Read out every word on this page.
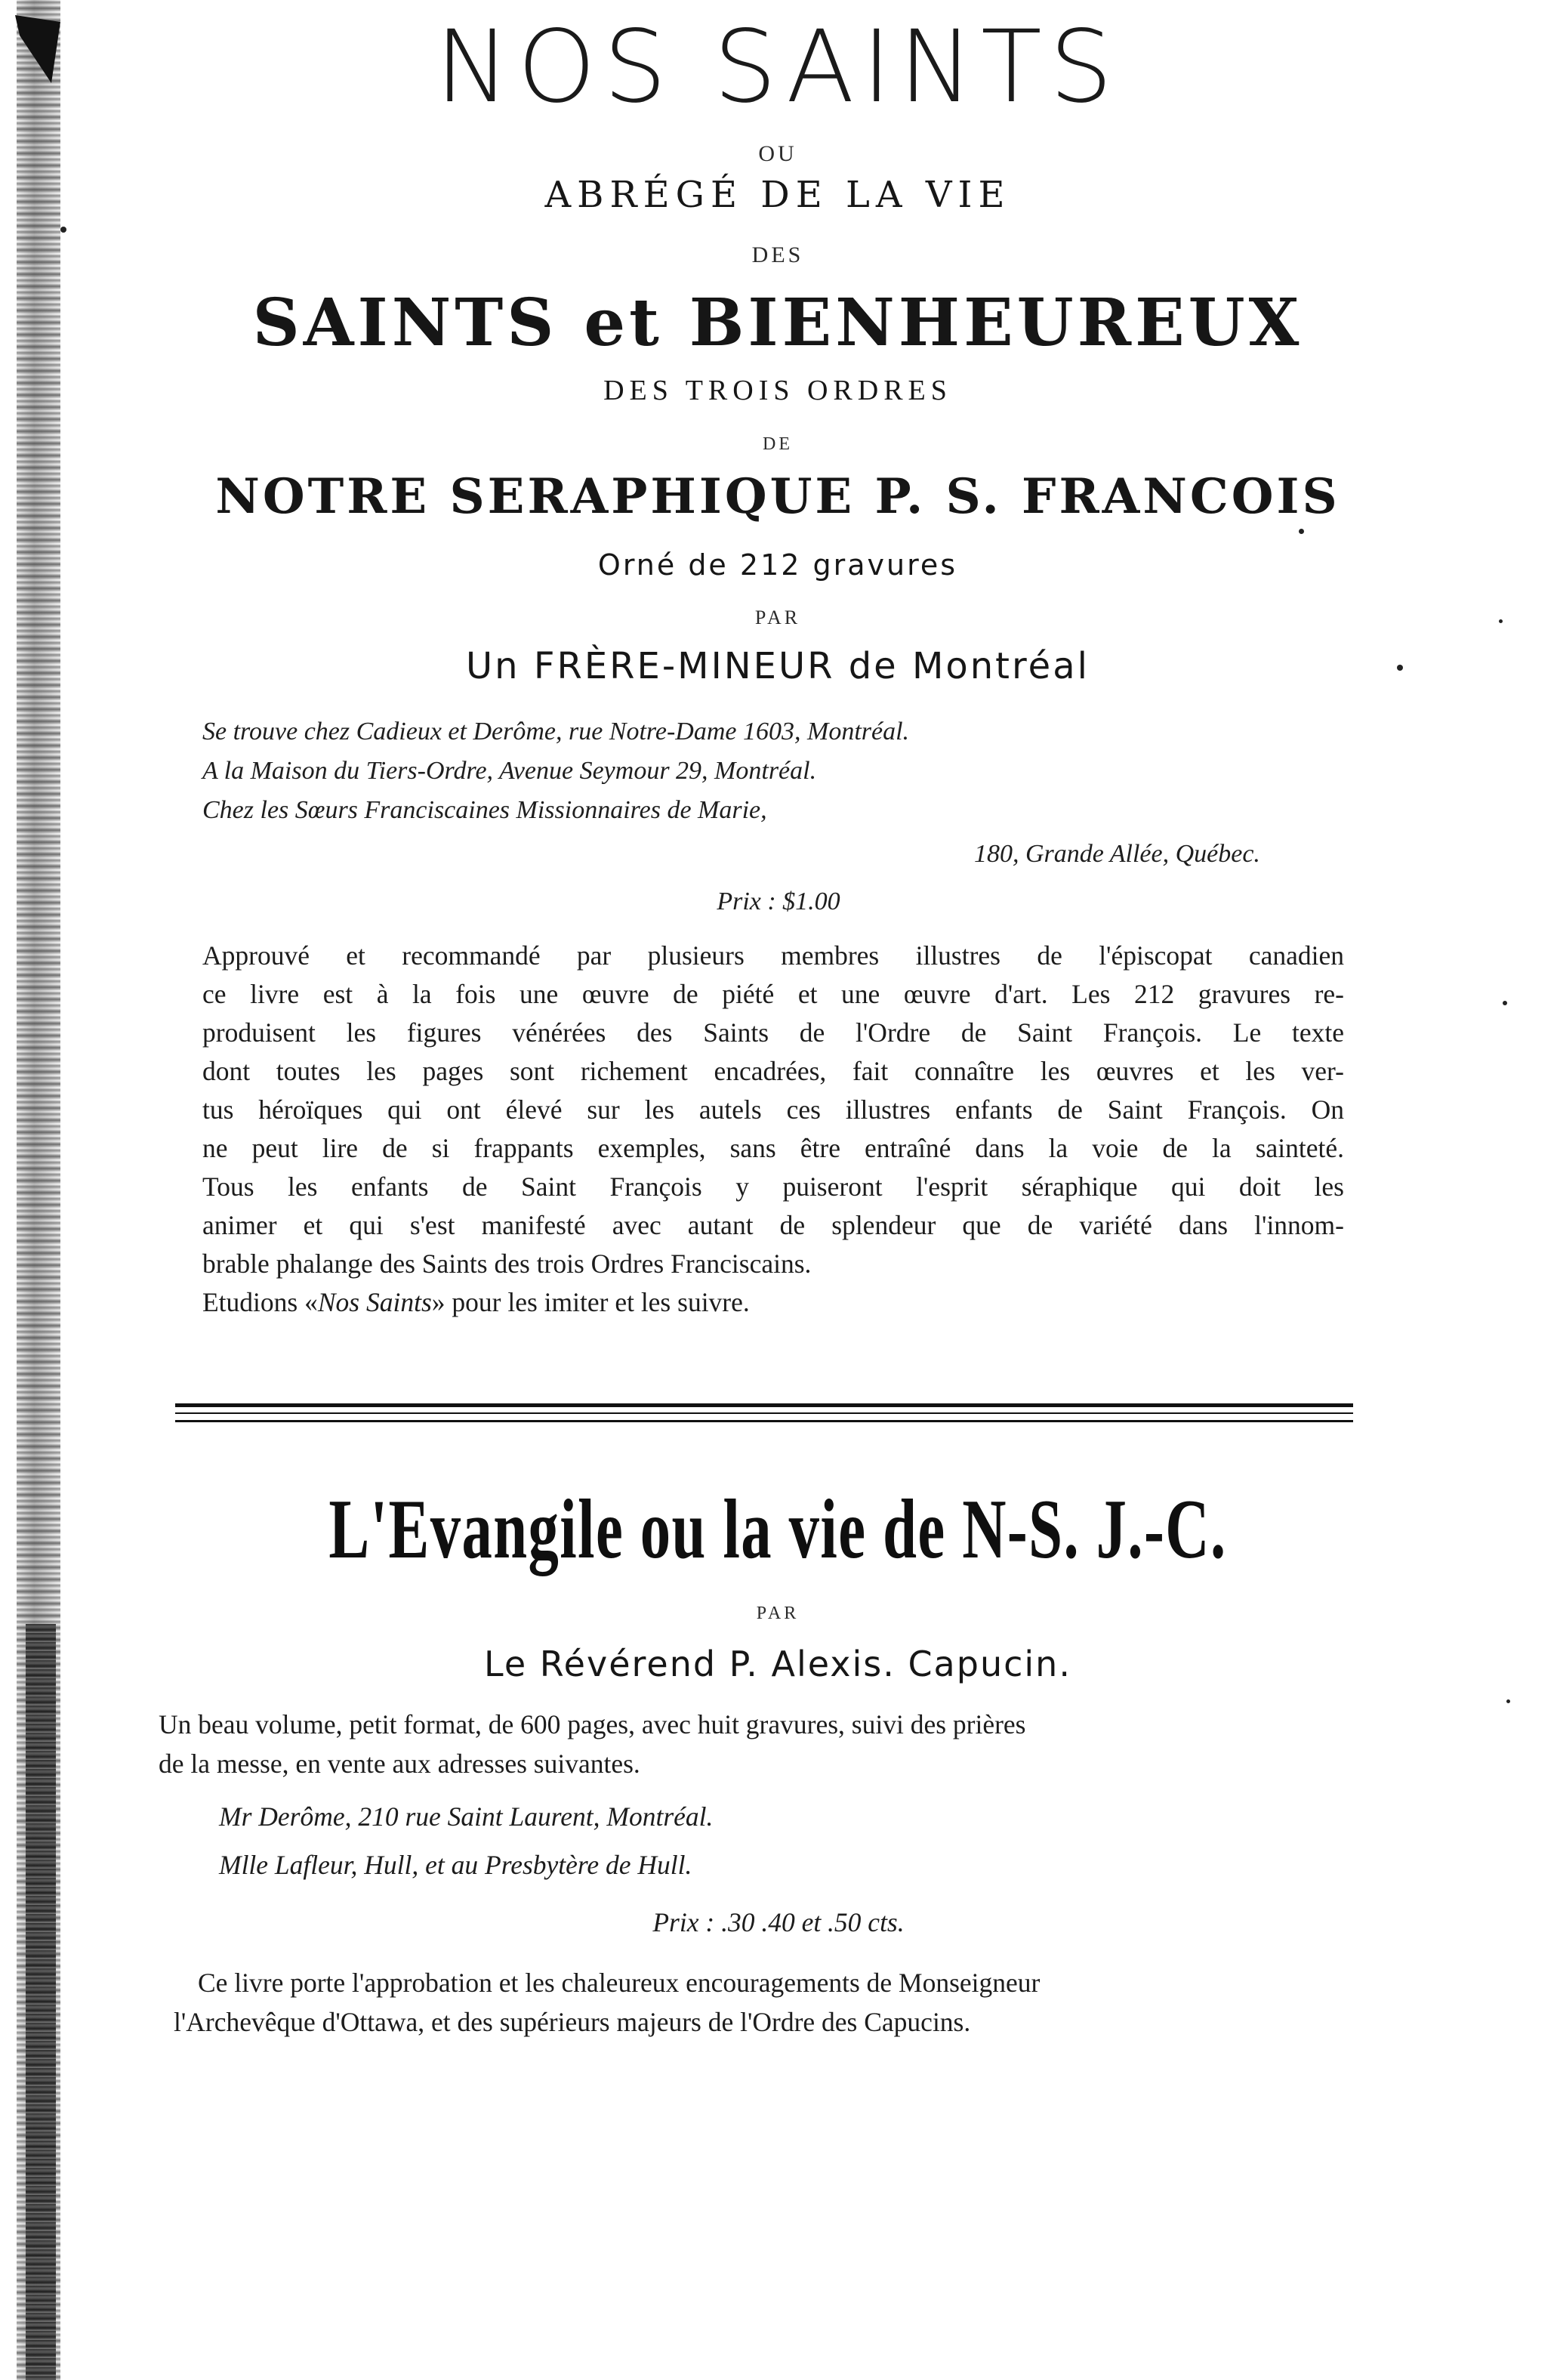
NOS SAINTS
OU
ABRÉGÉ DE LA VIE
DES
SAINTS et BIENHEUREUX
DES TROIS ORDRES
DE
NOTRE SERAPHIQUE P. S. FRANCOIS
Orné de 212 gravures
PAR
Un FRÈRE-MINEUR de Montréal
Se trouve chez Cadieux et Derôme, rue Notre-Dame 1603, Montréal.
A la Maison du Tiers-Ordre, Avenue Seymour 29, Montréal.
Chez les Sœurs Franciscaines Missionnaires de Marie,
180, Grande Allée, Québec.
Prix : $1.00
Approuvé et recommandé par plusieurs membres illustres de l'épiscopat canadien
ce livre est à la fois une œuvre de piété et une œuvre d'art. Les 212 gravures re-
produisent les figures vénérées des Saints de l'Ordre de Saint François. Le texte
dont toutes les pages sont richement encadrées, fait connaître les œuvres et les ver-
tus héroïques qui ont élevé sur les autels ces illustres enfants de Saint François. On
ne peut lire de si frappants exemples, sans être entraîné dans la voie de la sainteté.
Tous les enfants de Saint François y puiseront l'esprit séraphique qui doit les
animer et qui s'est manifesté avec autant de splendeur que de variété dans l'innom-
brable phalange des Saints des trois Ordres Franciscains.
Etudions «Nos Saints» pour les imiter et les suivre.
L'Evangile ou la vie de N-S. J.-C.
PAR
Le Révérend P. Alexis. Capucin.
Un beau volume, petit format, de 600 pages, avec huit gravures, suivi des prières
de la messe, en vente aux adresses suivantes.
Mr Derôme, 210 rue Saint Laurent, Montréal.
Mlle Lafleur, Hull, et au Presbytère de Hull.
Prix : .30 .40 et .50 cts.
Ce livre porte l'approbation et les chaleureux encouragements de Monseigneur
l'Archevêque d'Ottawa, et des supérieurs majeurs de l'Ordre des Capucins.
